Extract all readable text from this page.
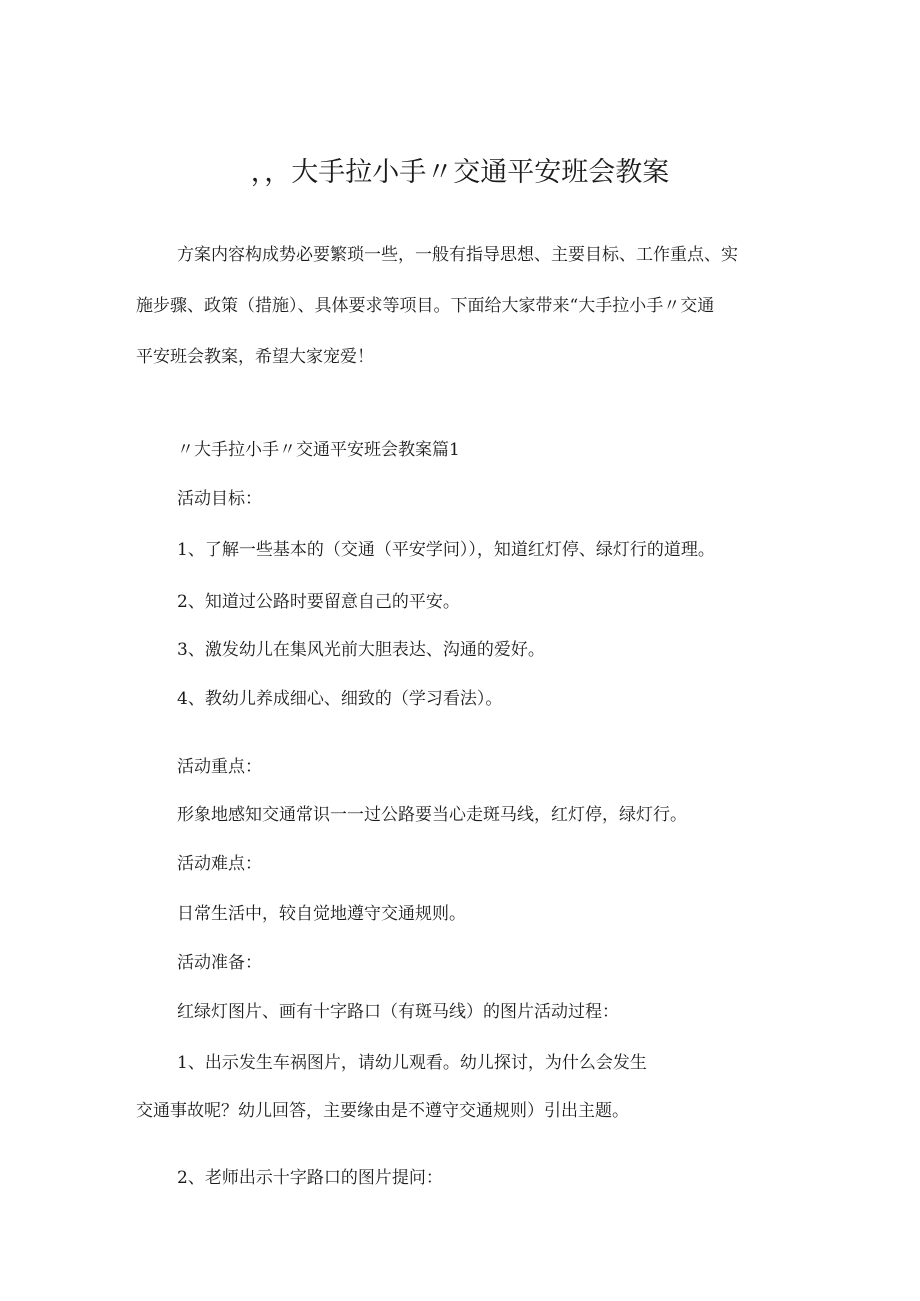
，，大手拉小手〃交通平安班会教案

方案内容构成势必要繁琐一些，一般有指导思想、主要目标、工作重点、实

施步骤、政策（措施）、具体要求等项目。下面给大家带来“大手拉小手〃交通

平安班会教案，希望大家宠爱！

〃大手拉小手〃交通平安班会教案篇1

活动目标：

1、了解一些基本的（交通（平安学问）），知道红灯停、绿灯行的道理。

2、知道过公路时要留意自己的平安。

3、激发幼儿在集风光前大胆表达、沟通的爱好。

4、教幼儿养成细心、细致的（学习看法）。

活动重点：

形象地感知交通常识一一过公路要当心走斑马线，红灯停，绿灯行。

活动难点：

日常生活中，较自觉地遵守交通规则。

活动准备：

红绿灯图片、画有十字路口（有斑马线）的图片活动过程：

1、出示发生车祸图片，请幼儿观看。幼儿探讨，为什么会发生

交通事故呢？幼儿回答，主要缘由是不遵守交通规则）引出主题。

2、老师出示十字路口的图片提问：
